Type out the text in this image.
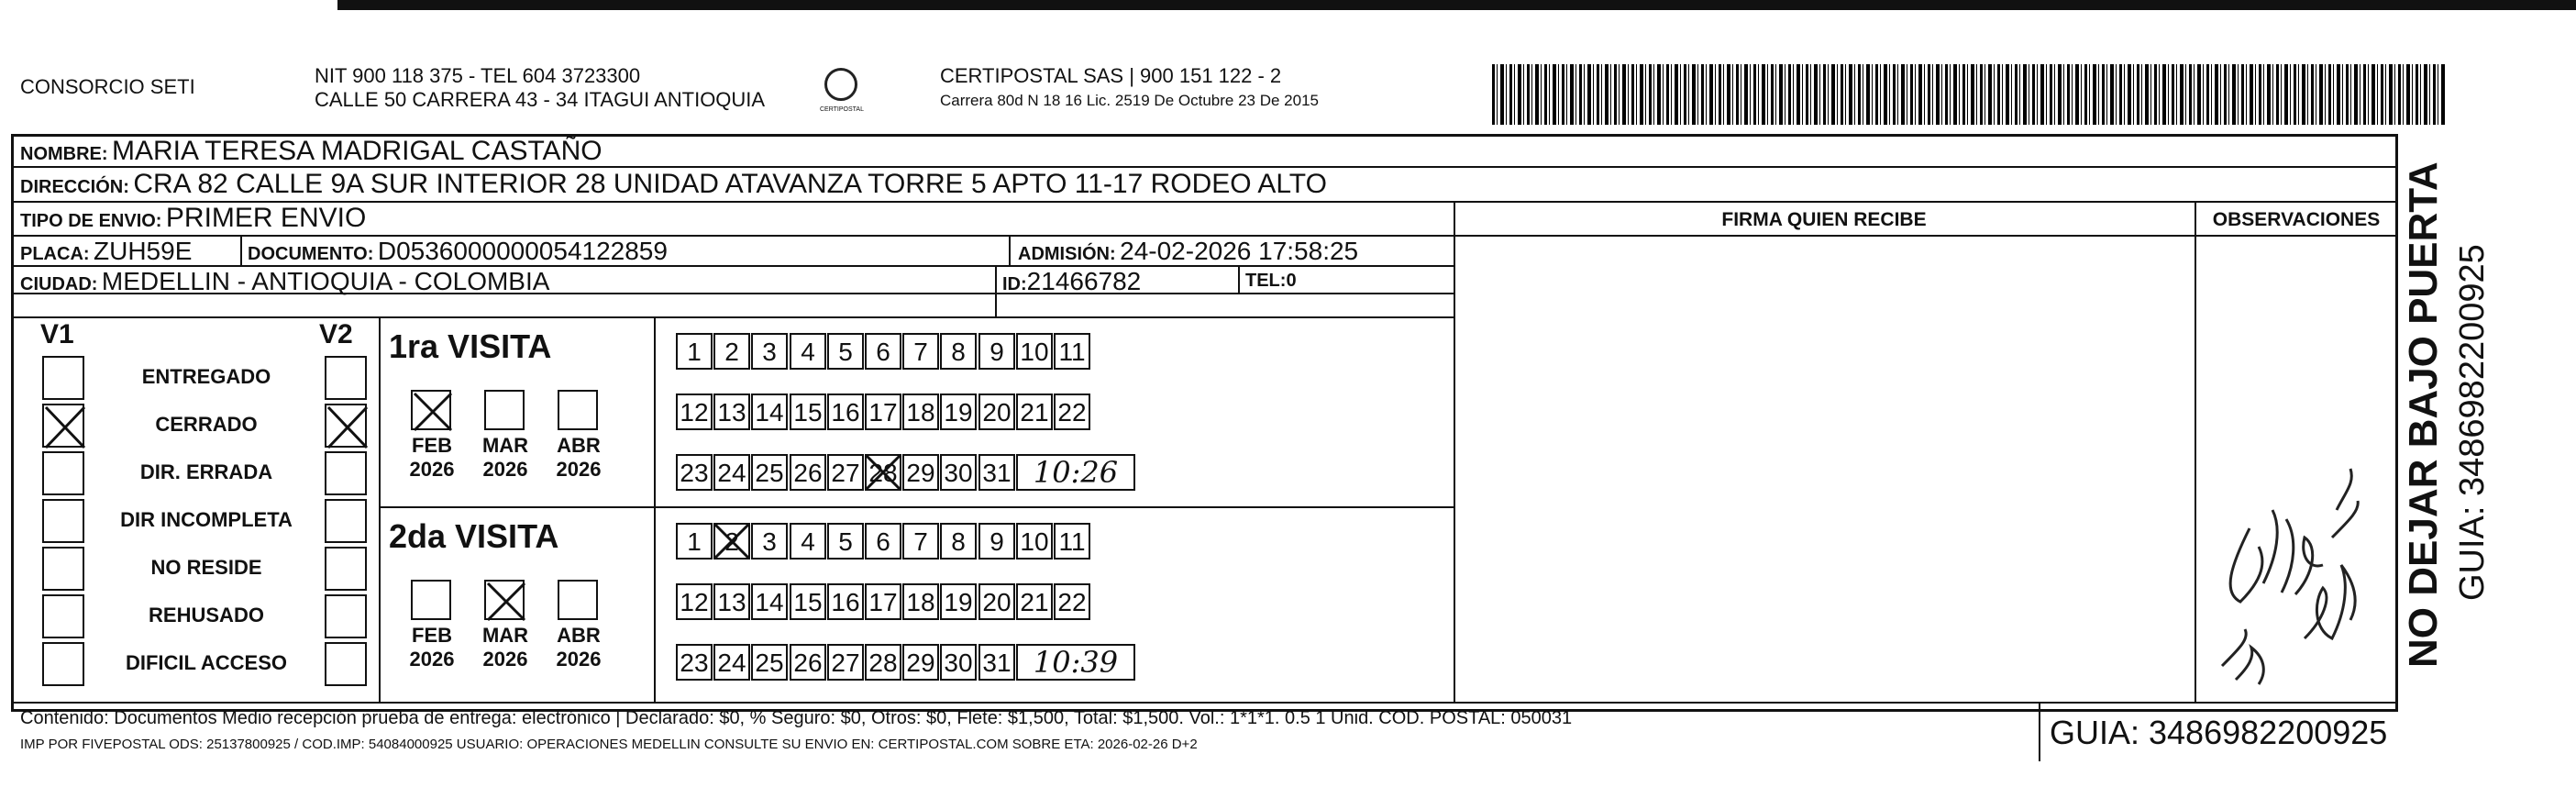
CONSORCIO SETI	NIT 900 118 375 - TEL 604 3723300
CALLE 50 CARRERA 43 - 34 ITAGUI ANTIOQUIA	CERTIPOSTAL
CERTIPOSTAL SAS | 900 151 122 - 2
Carrera 80d N 18 16 Lic. 2519 De Octubre 23 De 2015
NOMBRE: MARIA TERESA MADRIGAL CASTAÑO
DIRECCIÓN: CRA 82 CALLE 9A SUR INTERIOR 28 UNIDAD ATAVANZA TORRE 5 APTO 11-17 RODEO ALTO
TIPO DE ENVIO: PRIMER ENVIO
PLACA: ZUH59E	DOCUMENTO: D0536000000054122859	ADMISIÓN: 24-02-2026 17:58:25
CIUDAD: MEDELLIN - ANTIOQUIA - COLOMBIA	ID:21466782	TEL:0
FIRMA QUIEN RECIBE	OBSERVACIONES
V1	V2 1ra VISITA
2da VISITA
Contenido: Documentos Medio recepción prueba de entrega: electrónico | Declarado: $0, % Seguro: $0, Otros: $0, Flete: $1,500, Total: $1,500. Vol.: 1*1*1. 0.5 1 Unid. COD. POSTAL: 050031
IMP POR FIVEPOSTAL ODS: 25137800925 / COD.IMP: 54084000925 USUARIO: OPERACIONES MEDELLIN CONSULTE SU ENVIO EN: CERTIPOSTAL.COM SOBRE ETA: 2026-02-26 D+2	GUIA: 3486982200925
NO DEJAR BAJO PUERTA GUIA: 3486982200925
ENTREGADO
CERRADO
DIR. ERRADA
DIR INCOMPLETA
NO RESIDE
REHUSADO
DIFICIL ACCESO
FEB
2026
MAR
2026
ABR
2026
1 2 3 4 5 6 7 8 9 10 11
12 13 14 15 16 17 18 19 20 21 22
23 24 25 26 27 28 29 30 31 10:26
FEB
2026
MAR
2026
ABR
2026
1 2 3 4 5 6 7 8 9 10 11
12 13 14 15 16 17 18 19 20 21 22
23 24 25 26 27 28 29 30 31 10:39
